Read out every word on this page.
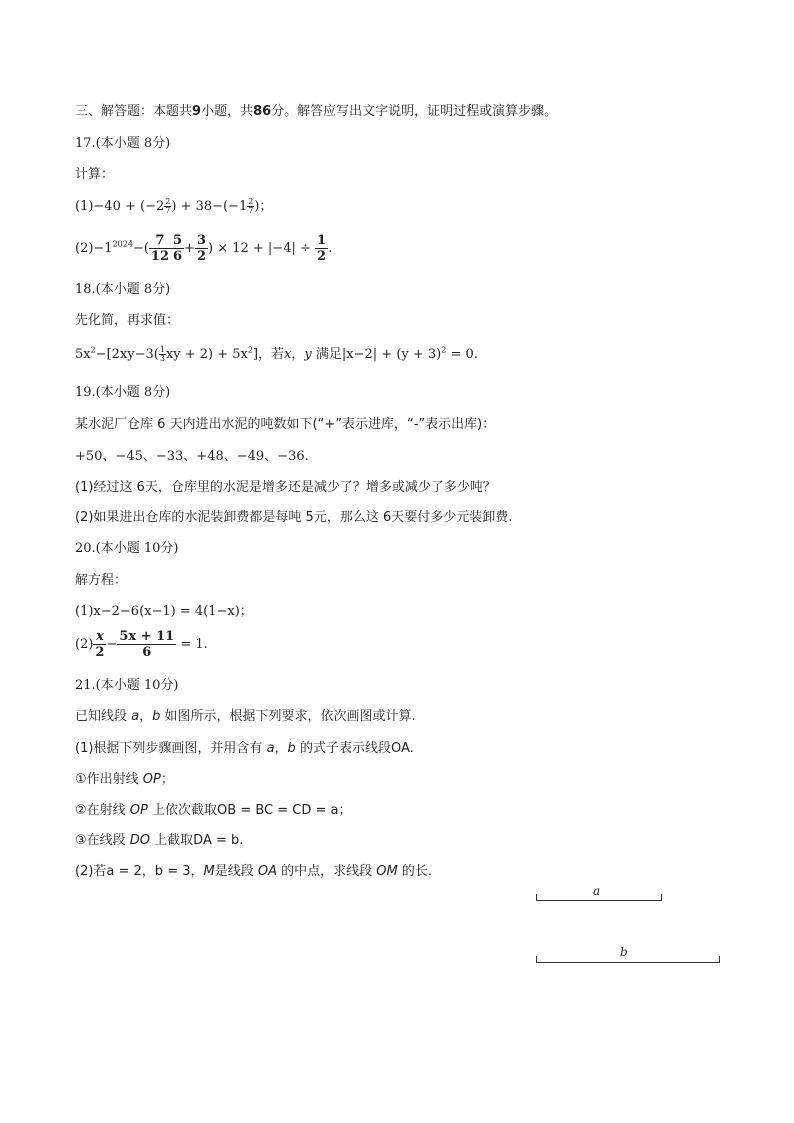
三、解答题：本题共9小题，共86分。解答应写出文字说明，证明过程或演算步骤。
17.(本小题 8分)
计算：
$(1)-40 + (-2 \frac{2}{7}$ ) + $38-(-1 \frac{2}{7}$ )；
$(2)-1^{2024}-( \frac{7}{12} \frac{5}{6} + \frac{3}{2}$ ) × $12 + |-4| \div \frac{1}{2}$ .
18.(本小题 8分)
先化简，再求值：
$5x^2-[2xy-3( \frac{1}{3}$ xy + $2) + 5x^2$]，若x，y 满足$|x-2| + (y + 3)^2 = 0$.
19.(本小题 8分)
某水泥厂仓库 6 天内进出水泥的吨数如下(“+”表示进库，“-”表示出库)：
+50、−45、−33、+48、−49、−36.
(1)经过这 6天，仓库里的水泥是增多还是减少了？增多或减少了多少吨？
(2)如果进出仓库的水泥装卸费都是每吨 5元，那么这 6天要付多少元装卸费.
20.(本小题 10分)
解方程：
(1)x−2−6(x−1) = 4(1−x)；
$(2) \frac{x}{2} - \frac{5x + 11}{6} = 1$.
21.(本小题 10分)
已知线段 a，b 如图所示，根据下列要求，依次画图或计算.
(1)根据下列步骤画图，并用含有 a，b 的式子表示线段OA.
①作出射线 OP；
②在射线 OP 上依次截取OB = BC = CD = a；
③在线段 DO 上截取DA = b.
(2)若a = 2，b = 3，M是线段 OA 的中点，求线段 OM 的长.
a
b
